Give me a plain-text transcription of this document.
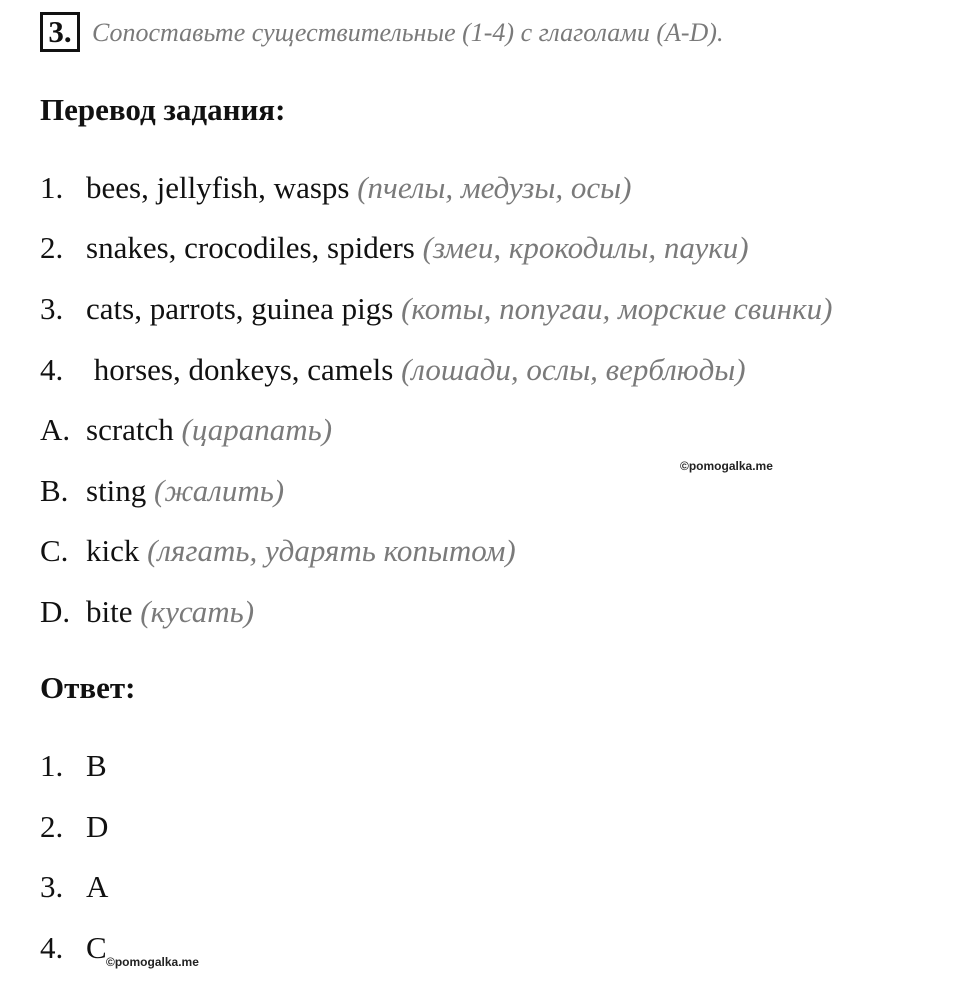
3. Сопоставьте существительные (1-4) с глаголами (A-D).
Перевод задания:
1. bees, jellyfish, wasps (пчелы, медузы, осы)
2. snakes, crocodiles, spiders (змеи, крокодилы, пауки)
3. cats, parrots, guinea pigs (коты, попугаи, морские свинки)
4. horses, donkeys, camels (лошади, ослы, верблюды)
A. scratch (царапать)
B. sting (жалить)
C. kick (лягать, ударять копытом)
D. bite (кусать)
©pomogalka.me
Ответ:
1. B
2. D
3. A
4. C ©pomogalka.me
